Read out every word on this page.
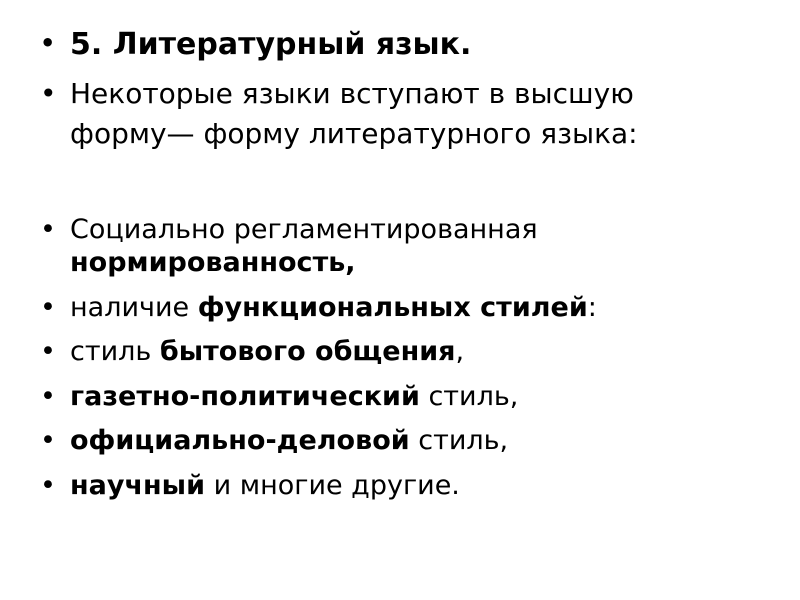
• 5. Литературный язык.
• Некоторые языки вступают в высшую
форму— форму литературного языка:
• Социально регламентированная нормированность,
• наличие функциональных стилей:
• стиль бытового общения,
• газетно-политический стиль,
• официально-деловой стиль,
• научный и многие другие.
